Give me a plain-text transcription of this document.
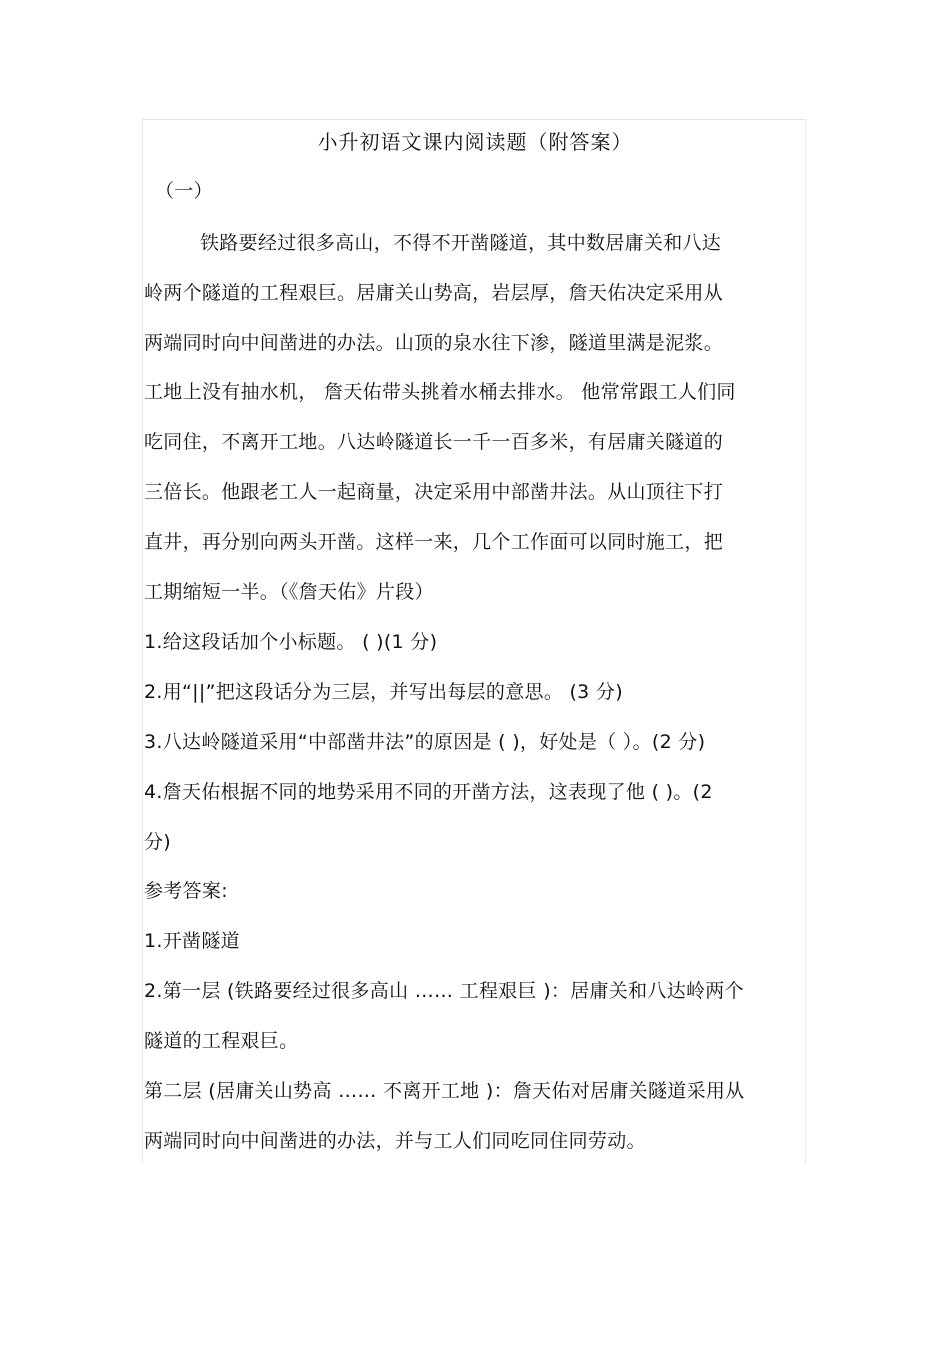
小升初语文课内阅读题（附答案）
（一）
铁路要经过很多高山，不得不开凿隧道，其中数居庸关和八达
岭两个隧道的工程艰巨。居庸关山势高，岩层厚，詹天佑决定采用从
两端同时向中间凿进的办法。山顶的泉水往下渗，隧道里满是泥浆。
工地上没有抽水机， 詹天佑带头挑着水桶去排水。 他常常跟工人们同
吃同住，不离开工地。八达岭隧道长一千一百多米，有居庸关隧道的
三倍长。他跟老工人一起商量，决定采用中部凿井法。从山顶往下打
直井，再分别向两头开凿。这样一来，几个工作面可以同时施工，把
工期缩短一半。（《詹天佑》片段）
1.给这段话加个小标题。 ( )(1 分)
2.用“||”把这段话分为三层，并写出每层的意思。 (3 分)
3.八达岭隧道采用“中部凿井法”的原因是 ( )，好处是（ ）。(2 分)
4.詹天佑根据不同的地势采用不同的开凿方法，这表现了他 ( )。(2
分)
参考答案:
1.开凿隧道
2.第一层 (铁路要经过很多高山 …… 工程艰巨 )：居庸关和八达岭两个
隧道的工程艰巨。
第二层 (居庸关山势高 …… 不离开工地 )：詹天佑对居庸关隧道采用从
两端同时向中间凿进的办法，并与工人们同吃同住同劳动。
